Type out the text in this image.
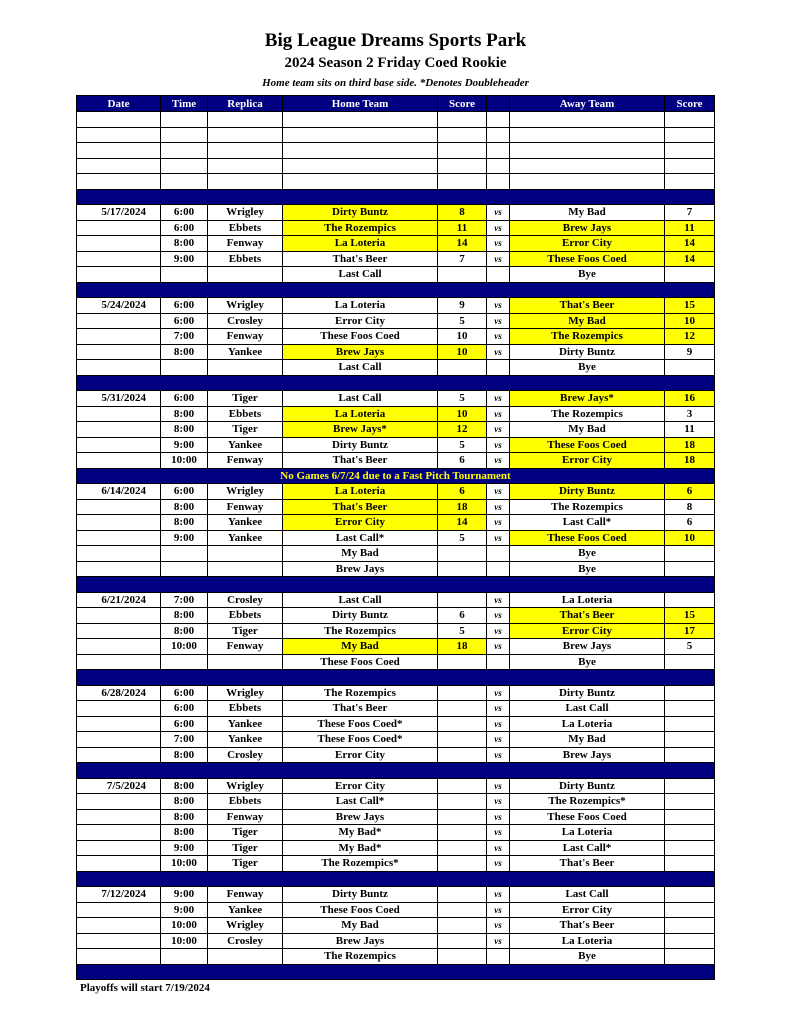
Big League Dreams Sports Park
2024 Season 2 Friday Coed Rookie
Home team sits on third base side. *Denotes Doubleheader
Date	Time	Replica	Home Team	Score		Away Team	Score

5/17/2024	6:00	Wrigley	Dirty Buntz	8	vs	My Bad	7
	6:00	Ebbets	The Rozempics	11	vs	Brew Jays	11
	8:00	Fenway	La Loteria	14	vs	Error City	14
	9:00	Ebbets	That's Beer	7	vs	These Foos Coed	14
			Last Call			Bye	

5/24/2024	6:00	Wrigley	La Loteria	9	vs	That's Beer	15
	6:00	Crosley	Error City	5	vs	My Bad	10
	7:00	Fenway	These Foos Coed	10	vs	The Rozempics	12
	8:00	Yankee	Brew Jays	10	vs	Dirty Buntz	9
			Last Call			Bye	

5/31/2024	6:00	Tiger	Last Call	5	vs	Brew Jays*	16
	8:00	Ebbets	La Loteria	10	vs	The Rozempics	3
	8:00	Tiger	Brew Jays*	12	vs	My Bad	11
	9:00	Yankee	Dirty Buntz	5	vs	These Foos Coed	18
	10:00	Fenway	That's Beer	6	vs	Error City	18
No Games 6/7/24 due to a Fast Pitch Tournament							
6/14/2024	6:00	Wrigley	La Loteria	6	vs	Dirty Buntz	6
	8:00	Fenway	That's Beer	18	vs	The Rozempics	8
	8:00	Yankee	Error City	14	vs	Last Call*	6
	9:00	Yankee	Last Call*	5	vs	These Foos Coed	10
			My Bad			Bye	
			Brew Jays			Bye	

6/21/2024	7:00	Crosley	Last Call		vs	La Loteria	
	8:00	Ebbets	Dirty Buntz	6	vs	That's Beer	15
	8:00	Tiger	The Rozempics	5	vs	Error City	17
	10:00	Fenway	My Bad	18	vs	Brew Jays	5
			These Foos Coed			Bye	

6/28/2024	6:00	Wrigley	The Rozempics		vs	Dirty Buntz	
	6:00	Ebbets	That's Beer		vs	Last Call	
	6:00	Yankee	These Foos Coed*		vs	La Loteria	
	7:00	Yankee	These Foos Coed*		vs	My Bad	
	8:00	Crosley	Error City		vs	Brew Jays	

7/5/2024	8:00	Wrigley	Error City		vs	Dirty Buntz	
	8:00	Ebbets	Last Call*		vs	The Rozempics*	
	8:00	Fenway	Brew Jays		vs	These Foos Coed	
	8:00	Tiger	My Bad*		vs	La Loteria	
	9:00	Tiger	My Bad*		vs	Last Call*	
	10:00	Tiger	The Rozempics*		vs	That's Beer	

7/12/2024	9:00	Fenway	Dirty Buntz		vs	Last Call	
	9:00	Yankee	These Foos Coed		vs	Error City	
	10:00	Wrigley	My Bad		vs	That's Beer	
	10:00	Crosley	Brew Jays		vs	La Loteria	
			The Rozempics			Bye	

Playoffs will start 7/19/2024
